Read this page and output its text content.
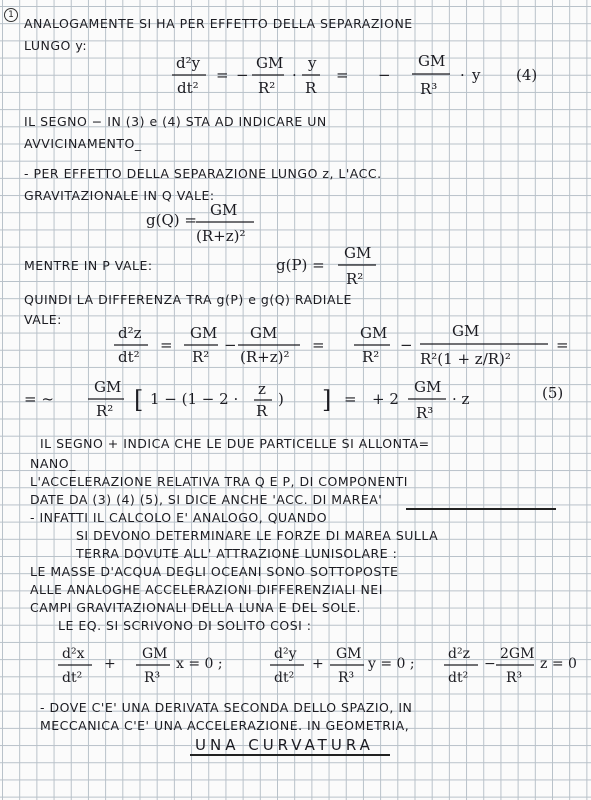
1
ANALOGAMENTE SI HA PER EFFETTO DELLA SEPARAZIONE
LUNGO y:
d²y
dt²
= −
GM
R²
·
y
R
= −
GM
R³
· y (4)
IL SEGNO − IN (3) e (4) STA AD INDICARE UN
AVVICINAMENTO_
- PER EFFETTO DELLA SEPARAZIONE LUNGO z, L'ACC.
GRAVITAZIONALE IN Q VALE:
g(Q) =
GM
(R+z)²
MENTRE IN P VALE:	g(P) =
GM
R²
QUINDI LA DIFFERENZA TRA g(P) e g(Q) RADIALE
VALE:
d²z
dt²
=
GM
R²
−
GM
(R+z)²
=
GM
R²
−
GM
R²(1 + z/R)²
=
= ~
GM
R² [ 1 − (1 − 2 ·
z
R
) ] = + 2
GM
R³
· z	(5)
IL SEGNO + INDICA CHE LE DUE PARTICELLE SI ALLONTA=
NANO_
L'ACCELERAZIONE RELATIVA TRA Q E P, DI COMPONENTI
DATE DA (3) (4) (5), SI DICE ANCHE 'ACC. DI MAREA'
- INFATTI IL CALCOLO E' ANALOGO, QUANDO
SI DEVONO DETERMINARE LE FORZE DI MAREA SULLA
TERRA DOVUTE ALL' ATTRAZIONE LUNISOLARE :
LE MASSE D'ACQUA DEGLI OCEANI SONO SOTTOPOSTE
ALLE ANALOGHE ACCELERAZIONI DIFFERENZIALI NEI
CAMPI GRAVITAZIONALI DELLA LUNA E DEL SOLE.
LE EQ. SI SCRIVONO DI SOLITO COSI :
d²x
dt²
+
GM
R³
x = 0 ;
d²y
dt²
+
GM
R³
y = 0 ;
d²z
dt²
−
2GM
R³
z = 0
- DOVE C'E' UNA DERIVATA SECONDA DELLO SPAZIO, IN
MECCANICA C'E' UNA ACCELERAZIONE. IN GEOMETRIA,
UNA CURVATURA
